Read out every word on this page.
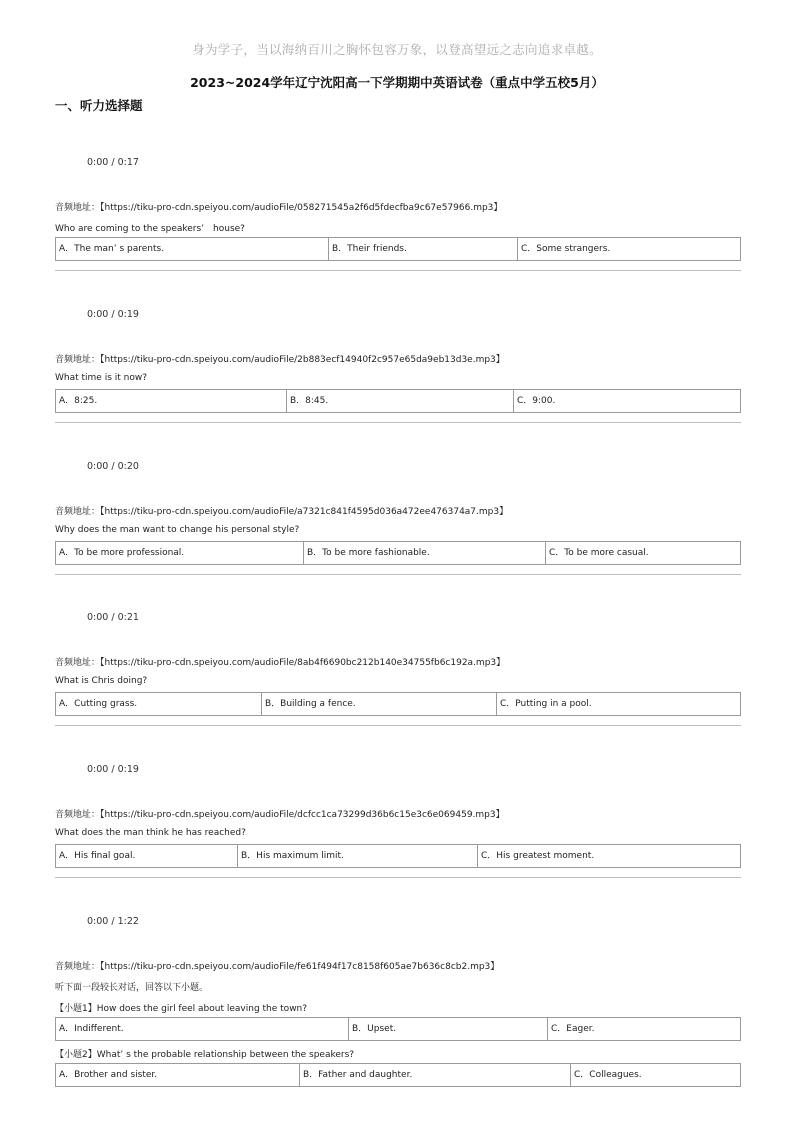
身为学子，当以海纳百川之胸怀包容万象，以登高望远之志向追求卓越。
2023~2024学年辽宁沈阳高一下学期期中英语试卷（重点中学五校5月）
一、听力选择题
0:00 / 0:17
音频地址：【https://tiku-pro-cdn.speiyou.com/audioFile/058271545a2f6d5fdecfba9c67e57966.mp3】
Who are coming to the speakers’　house?
A．The man’ s parents.	B．Their friends.	C．Some strangers.
0:00 / 0:19
音频地址：【https://tiku-pro-cdn.speiyou.com/audioFile/2b883ecf14940f2c957e65da9eb13d3e.mp3】
What time is it now?
A．8:25.	B．8:45.	C．9:00.
0:00 / 0:20
音频地址：【https://tiku-pro-cdn.speiyou.com/audioFile/a7321c841f4595d036a472ee476374a7.mp3】
Why does the man want to change his personal style?
A．To be more professional.	B．To be more fashionable.	C．To be more casual.
0:00 / 0:21
音频地址：【https://tiku-pro-cdn.speiyou.com/audioFile/8ab4f6690bc212b140e34755fb6c192a.mp3】
What is Chris doing?
A．Cutting grass.	B．Building a fence.	C．Putting in a pool.
0:00 / 0:19
音频地址：【https://tiku-pro-cdn.speiyou.com/audioFile/dcfcc1ca73299d36b6c15e3c6e069459.mp3】
What does the man think he has reached?
A．His final goal.	B．His maximum limit.	C．His greatest moment.
0:00 / 1:22
音频地址：【https://tiku-pro-cdn.speiyou.com/audioFile/fe61f494f17c8158f605ae7b636c8cb2.mp3】
听下面一段较长对话，回答以下小题。
【小题1】How does the girl feel about leaving the town?
A．Indifferent.	B．Upset.	C．Eager.
【小题2】What’ s the probable relationship between the speakers?
A．Brother and sister.	B．Father and daughter.	C．Colleagues.
